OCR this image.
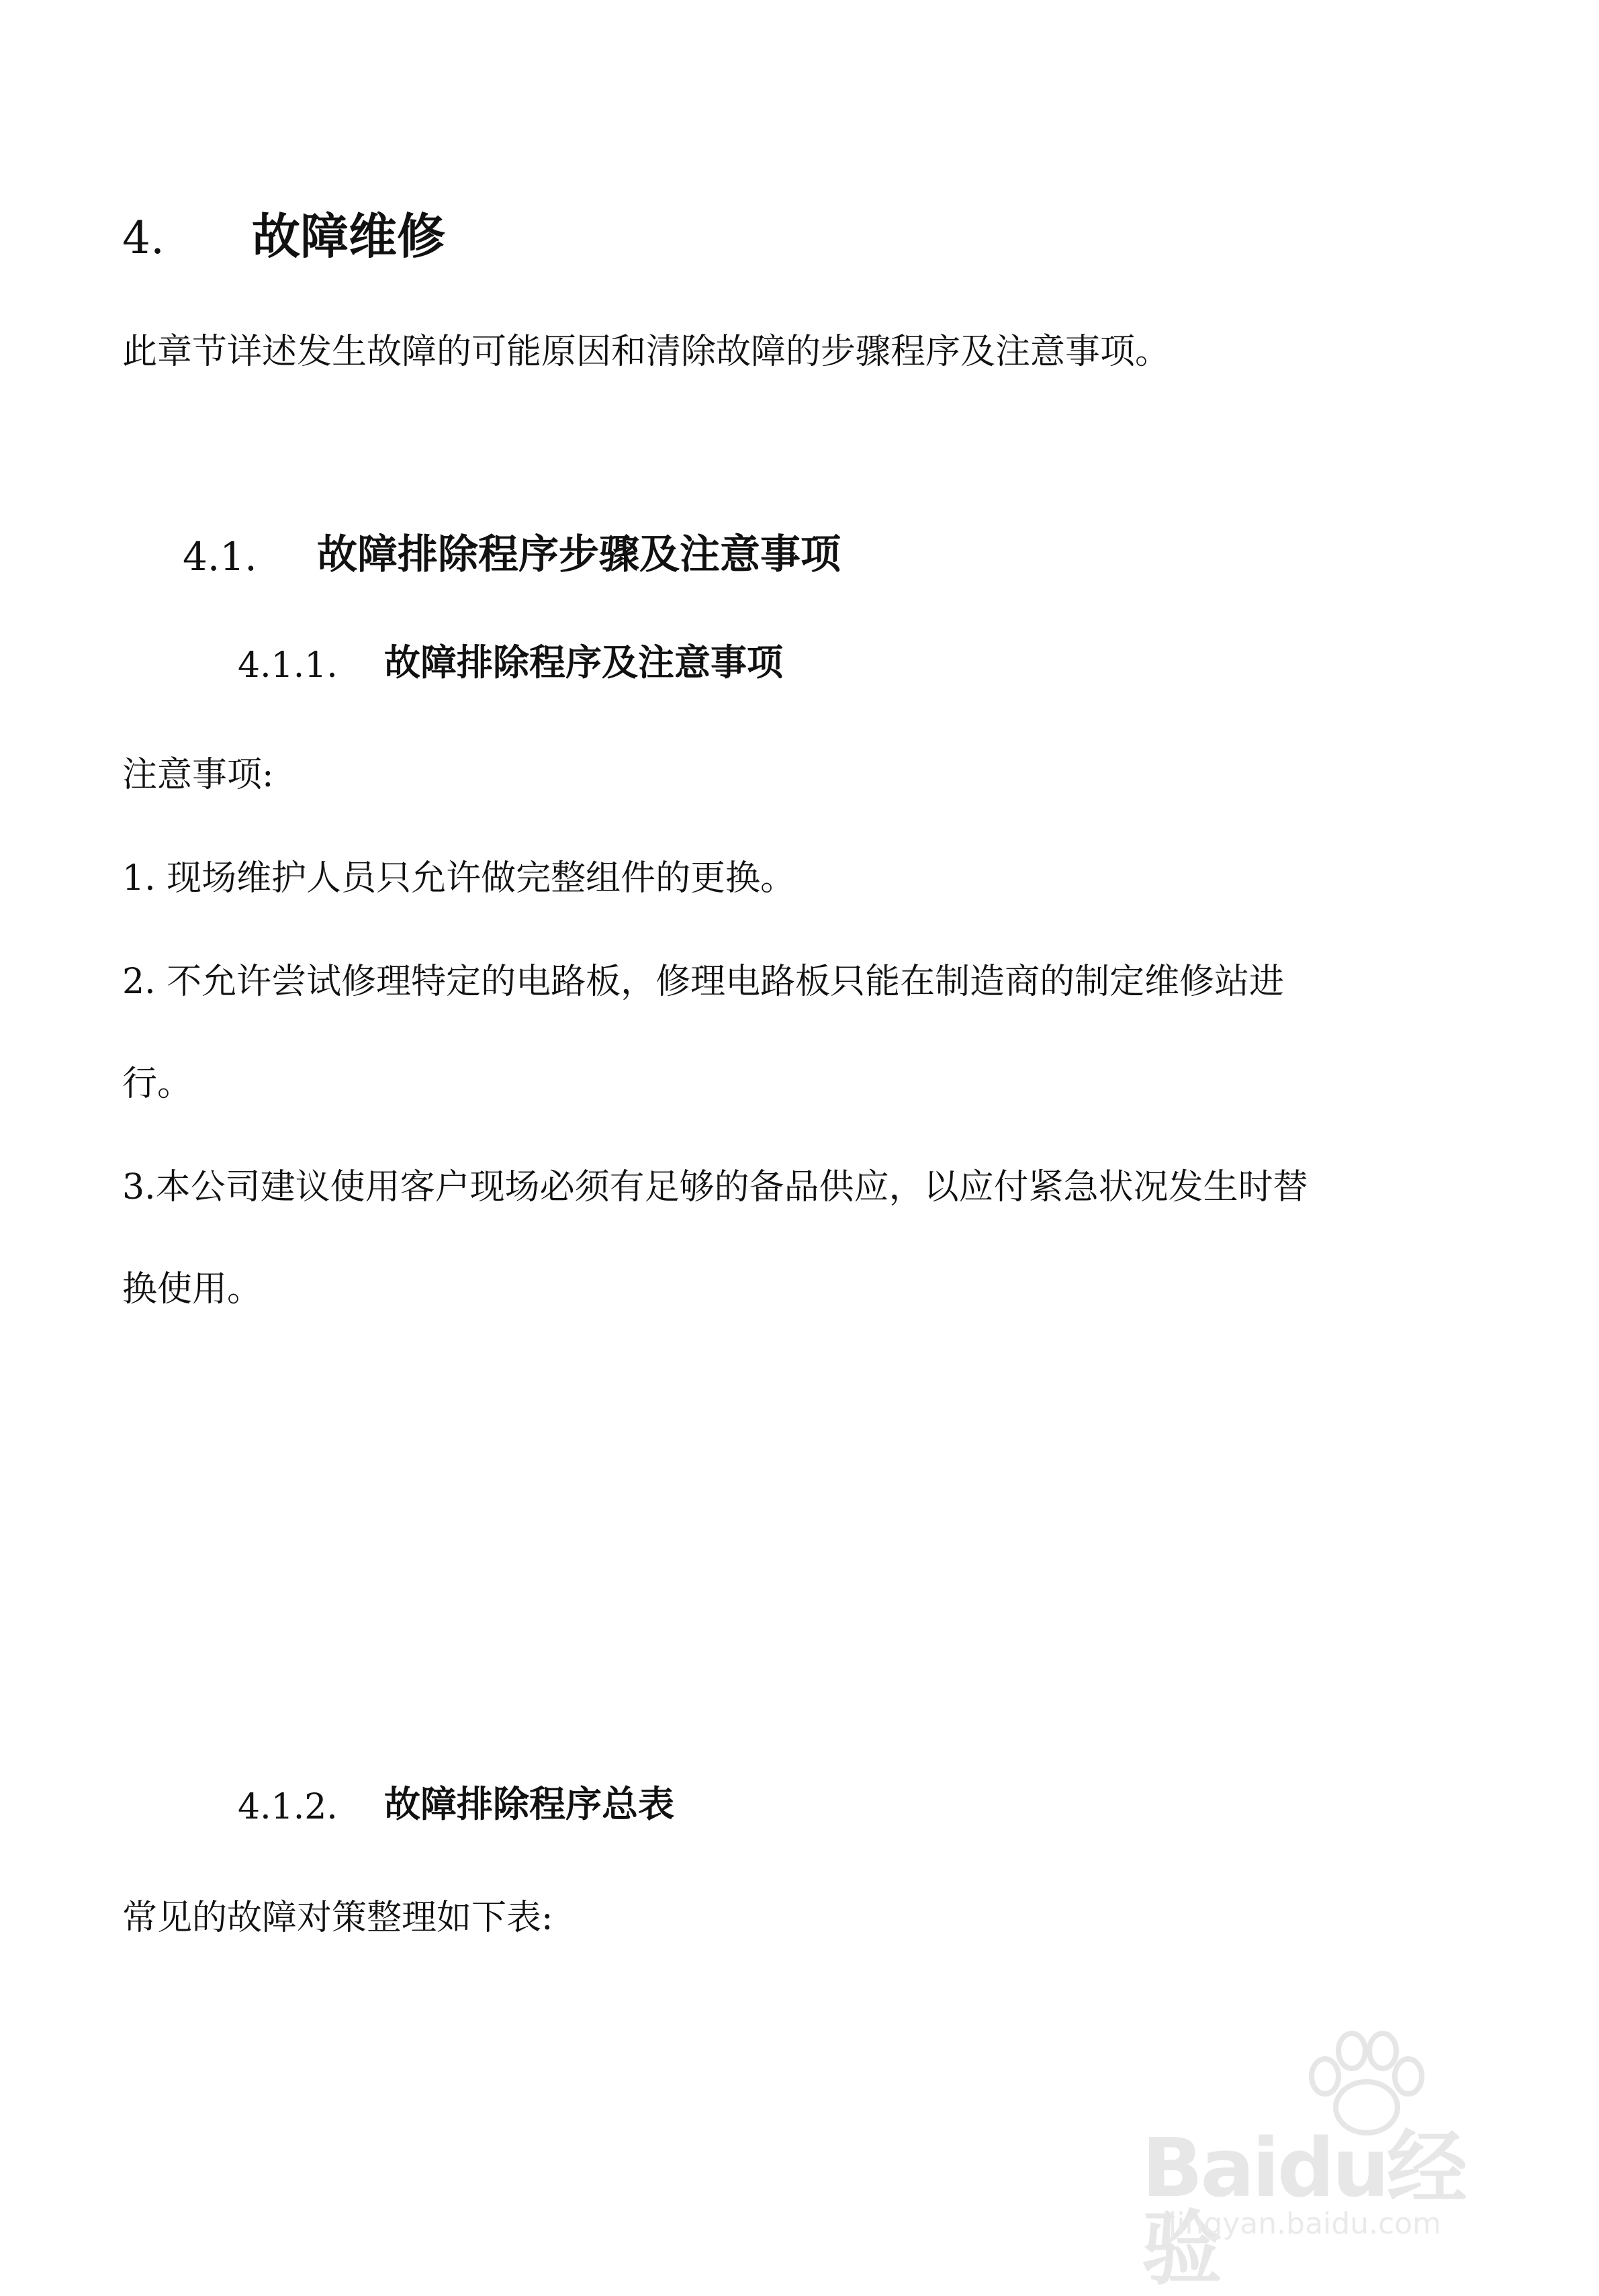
4. 故障维修
此章节详述发生故障的可能原因和清除故障的步骤程序及注意事项。
4.1. 故障排除程序步骤及注意事项
4.1.1. 故障排除程序及注意事项
注意事项:
1. 现场维护人员只允许做完整组件的更换。
2. 不允许尝试修理特定的电路板，修理电路板只能在制造商的制定维修站进
行。
3.本公司建议使用客户现场必须有足够的备品供应，以应付紧急状况发生时替
换使用。
4.1.2. 故障排除程序总表
常见的故障对策整理如下表:
Baidu经验
jingyan.baidu.com
